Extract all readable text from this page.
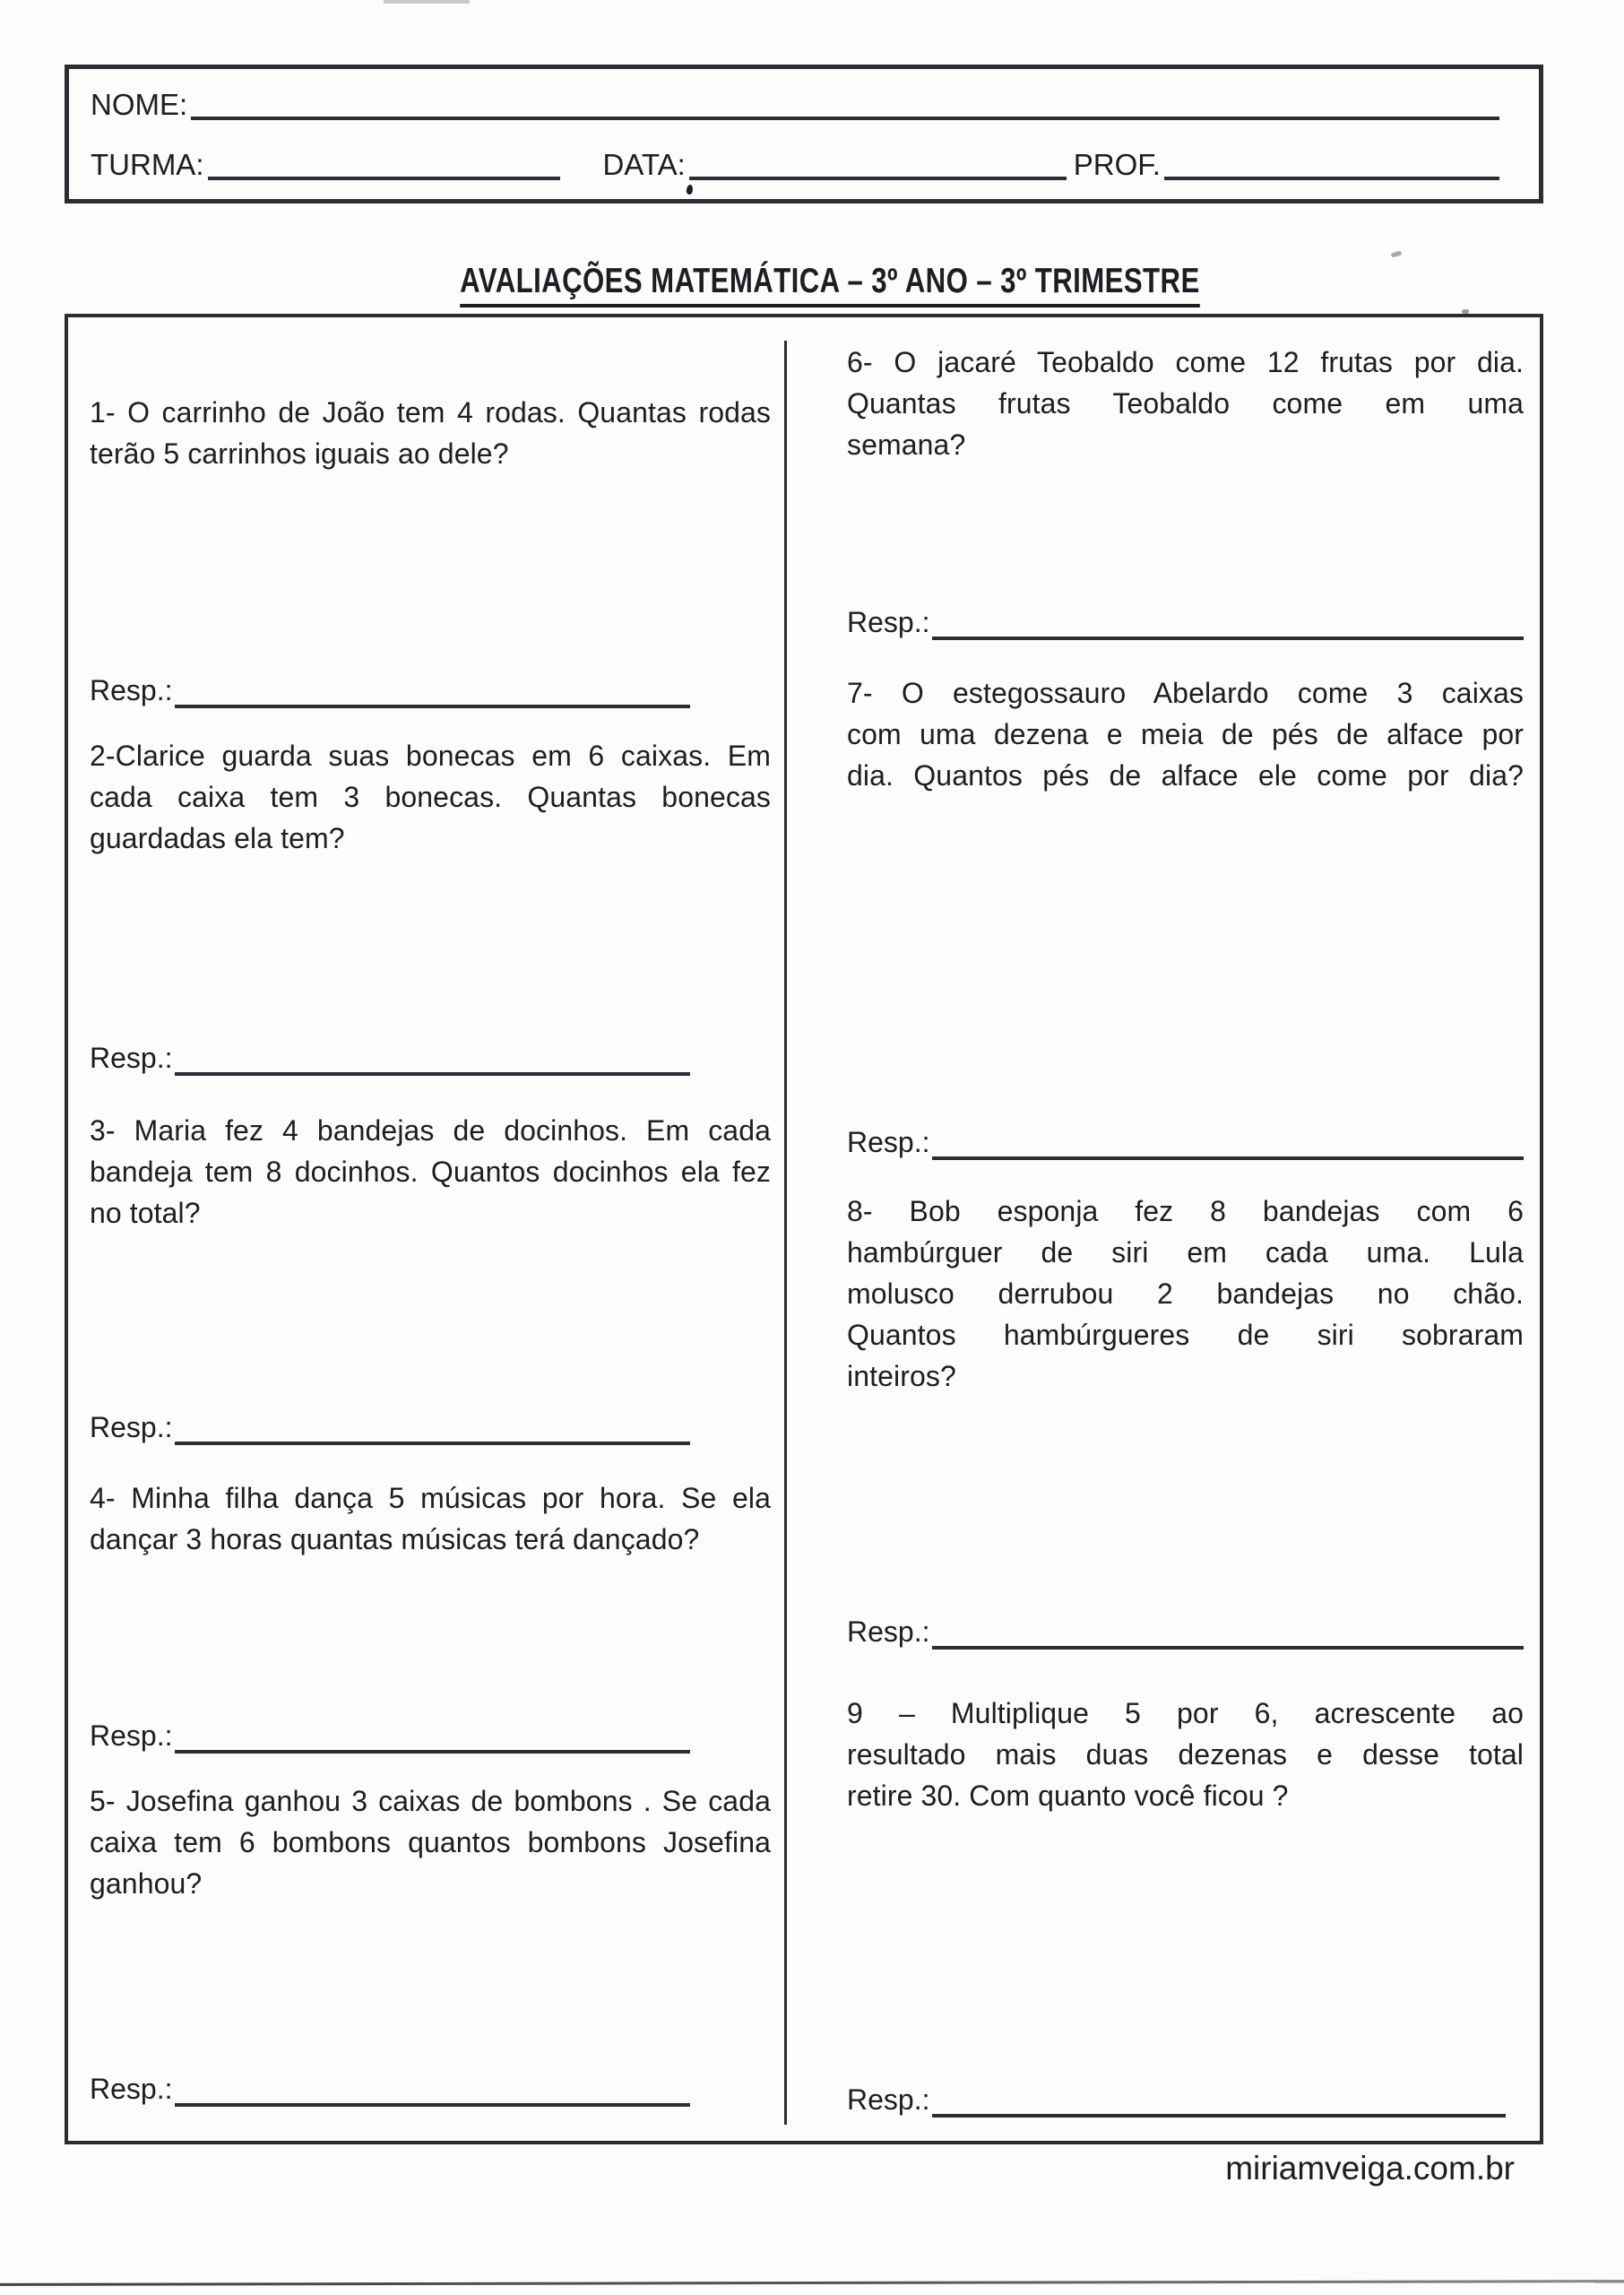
NOME:
TURMA:	DATA:	PROF.
AVALIAÇÕES MATEMÁTICA – 3º ANO – 3º TRIMESTRE
1- O carrinho de João tem 4 rodas. Quantas rodas
terão 5 carrinhos iguais ao dele?
Resp.:
2-Clarice guarda suas bonecas em 6 caixas. Em
cada caixa tem 3 bonecas. Quantas bonecas
guardadas ela tem?
Resp.:
3- Maria fez 4 bandejas de docinhos. Em cada
bandeja tem 8 docinhos. Quantos docinhos ela fez
no total?
Resp.:
4- Minha filha dança 5 músicas por hora. Se ela
dançar 3 horas quantas músicas terá dançado?
Resp.:
5- Josefina ganhou 3 caixas de bombons . Se cada
caixa tem 6 bombons quantos bombons Josefina
ganhou?
Resp.:
6- O jacaré Teobaldo come 12 frutas por dia.
Quantas frutas Teobaldo come em uma
semana?
Resp.:
7- O estegossauro Abelardo come 3 caixas
com uma dezena e meia de pés de alface por
dia. Quantos pés de alface ele come por dia?
Resp.:
8- Bob esponja fez 8 bandejas com 6
hambúrguer de siri em cada uma. Lula
molusco derrubou 2 bandejas no chão.
Quantos hambúrgueres de siri sobraram
inteiros?
Resp.:
9 – Multiplique 5 por 6, acrescente ao
resultado mais duas dezenas e desse total
retire 30. Com quanto você ficou ?
Resp.:
miriamveiga.com.br
